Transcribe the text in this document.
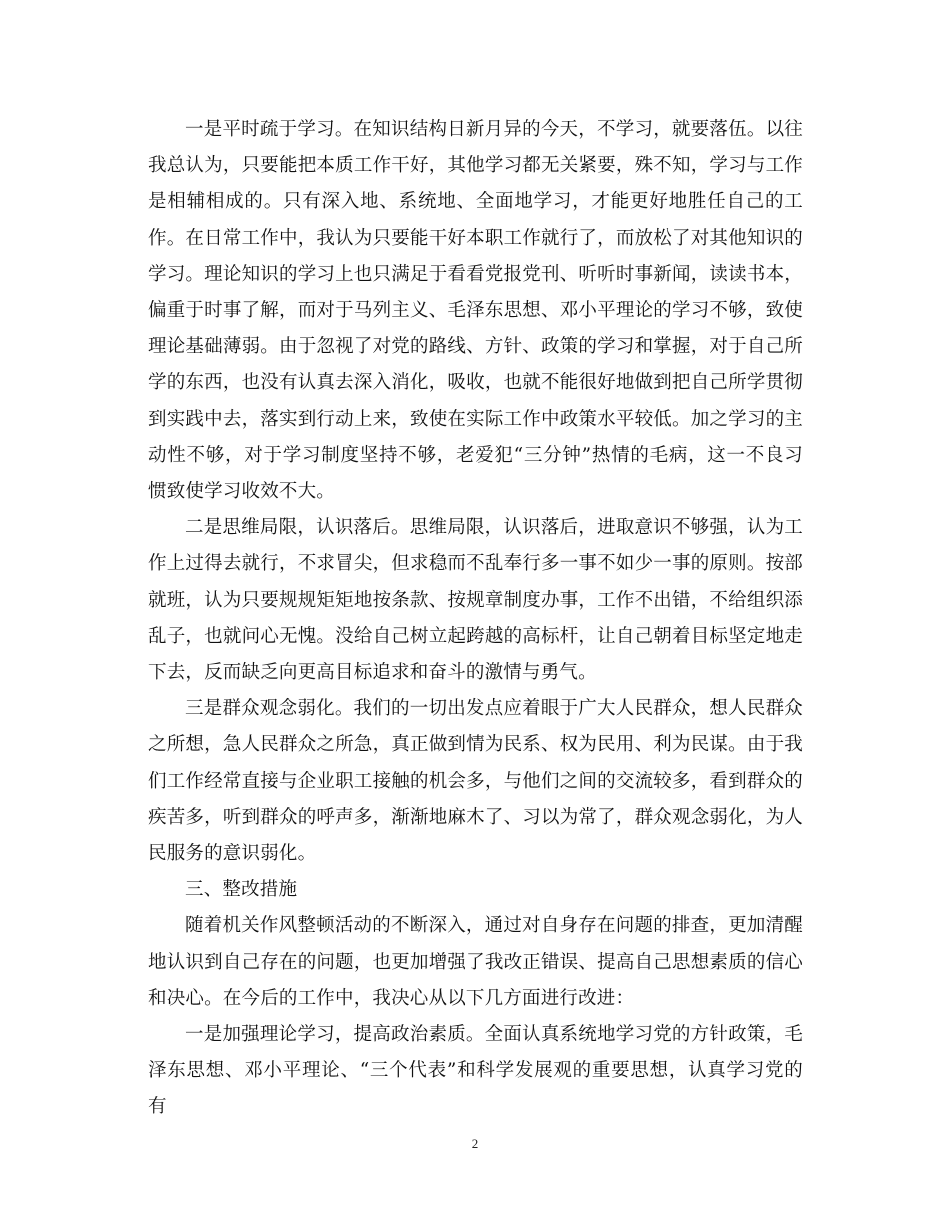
一是平时疏于学习。在知识结构日新月异的今天，不学习，就要落伍。以往我总认为，只要能把本质工作干好，其他学习都无关紧要，殊不知，学习与工作是相辅相成的。只有深入地、系统地、全面地学习，才能更好地胜任自己的工作。在日常工作中，我认为只要能干好本职工作就行了，而放松了对其他知识的学习。理论知识的学习上也只满足于看看党报党刊、听听时事新闻，读读书本，偏重于时事了解，而对于马列主义、毛泽东思想、邓小平理论的学习不够，致使理论基础薄弱。由于忽视了对党的路线、方针、政策的学习和掌握，对于自己所学的东西，也没有认真去深入消化，吸收，也就不能很好地做到把自己所学贯彻到实践中去，落实到行动上来，致使在实际工作中政策水平较低。加之学习的主动性不够，对于学习制度坚持不够，老爱犯“三分钟”热情的毛病，这一不良习惯致使学习收效不大。

二是思维局限，认识落后。思维局限，认识落后，进取意识不够强，认为工作上过得去就行，不求冒尖，但求稳而不乱奉行多一事不如少一事的原则。按部就班，认为只要规规矩矩地按条款、按规章制度办事，工作不出错，不给组织添乱子，也就问心无愧。没给自己树立起跨越的高标杆，让自己朝着目标坚定地走下去，反而缺乏向更高目标追求和奋斗的激情与勇气。

三是群众观念弱化。我们的一切出发点应着眼于广大人民群众，想人民群众之所想，急人民群众之所急，真正做到情为民系、权为民用、利为民谋。由于我们工作经常直接与企业职工接触的机会多，与他们之间的交流较多，看到群众的疾苦多，听到群众的呼声多，渐渐地麻木了、习以为常了，群众观念弱化，为人民服务的意识弱化。

三、整改措施

随着机关作风整顿活动的不断深入，通过对自身存在问题的排查，更加清醒地认识到自己存在的问题，也更加增强了我改正错误、提高自己思想素质的信心和决心。在今后的工作中，我决心从以下几方面进行改进：

一是加强理论学习，提高政治素质。全面认真系统地学习党的方针政策，毛泽东思想、邓小平理论、“三个代表”和科学发展观的重要思想，认真学习党的有

2
